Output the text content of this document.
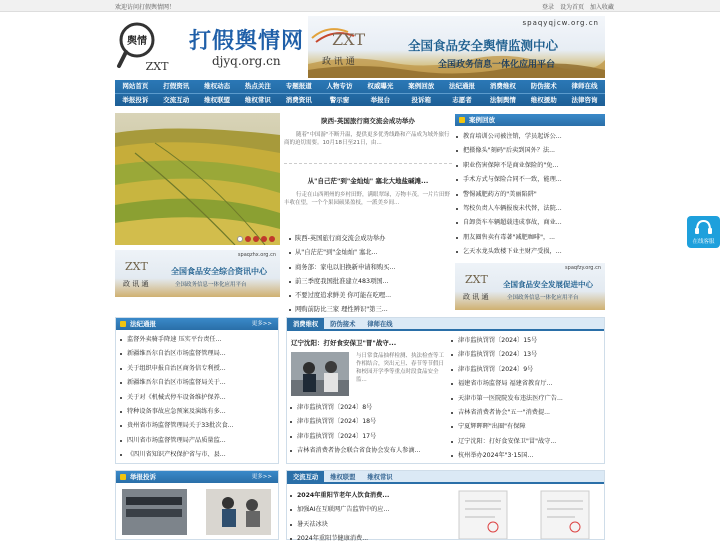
欢迎访问打假舆情网！	登录 设为首页 加入收藏
舆情
ZXT
打假舆情网
djyq.org.cn
spaqyqjcw.org.cn
ZXT
政 讯 通
全国食品安全舆情监测中心
全国政务信息一体化应用平台
网站首页	打假资讯	维权动态	热点关注	专题报道	人物专访	权威曝光	案例回放	法纪通报	消费维权	防伪接术	律师在线
举报投诉	交流互动	维权联盟	维权常识	消费资讯	警示窗	举报台	投诉箱	志愿者	法制舆情	维权援助	法律咨询
陕西-英国旅行商交流会成功举办
随着"中国游"不断升温，提供更多优秀线路和产品成为域外旅行商的迫切需要。10月18日至21日，由...
从"自己茫"到"金灿灿" 塞北大地盐碱滩...
行走在山西朔州的乡村田野，满眼翠绿，万物丰茂。一片片田野丰收在望，一个个果园硕果盈枝，一派美乡间...
陕西-英国旅行商交流会成功举办
从"自茫茫"到"金灿灿" 塞北...
商务部：家电以旧换新申请和购买...
前三季度我国批准建立483项国...
不要过度追求鲜美 你可能在吃哩...
网购前防比三家 理性辨识"第三...
案例回放
教育培训公司被注销，学员起诉公...
把摄像头"刻码"后卖到国外？法...
职业伤害保障不是商业保险的"免...
手术方式与保险合同不一致，能理...
警惕减肥药方的"美丽陷阱"
驾校负责人车辆报废未代替，法院...
自卸货车车辆超载违成事故，商业...
朋友圈售卖有毒著"减肥咖啡"，...
乞天水龙头致楼下业主财产受损，...
spaqzhx.org.cn
ZXT
政 讯 通
全国食品安全综合资讯中心
全国政务信息一体化应用平台
spaqfzy.org.cn
ZXT
政 讯 通
全国食品安全发展促进中心
全国政务信息一体化应用平台
法纪通报	更多>>
监督外卖骑手降速 压实平台责任...
新疆维吾尔自治区市场监督管理局...
关于组织申报自治区商务信专利授...
新疆维吾尔自治区市场监督局关于...
关于对《机械式停车设备维护保养...
特种设备事故应急预案及演练有多...
贵州省市场监督管理局关于33批次食...
四川省市场监督管理局产品质量监...
《四川省知识产权保护省与市、县...
消费维权	防伪接术	律师在线
辽宁沈阳：打好食安保卫"冒"战守...
与日常食品抽样检测、执法检查等工作相结合，突出元旦、春节等节假日和校园开学季等重点时段食品安全监...
津市监执罚罚〔2024〕8号
津市监执罚罚〔2024〕18号
津市监执罚罚〔2024〕17号
吉林省消费者协会联合省食协会发布人参滴...
津市监执罚罚〔2024〕15号
津市监执罚罚〔2024〕13号
津市监执罚罚〔2024〕9号
福建省市场监督局 福建省教育厅...
天津市第一医院院发布违法医疗广告...
吉林省消费者协会"五一"消费提...
宁夏辉晖晖"出圈"有保障
辽宁沈阳：打好食安保卫"冒"战守...
杭州举办2024年"3·15国...
举报投诉	更多>>	交流互动	维权联盟	维权常识
2024年重阳节老年人饮食消费...
加强AI在互联网广告监管中的应...
暑天祛冰块
2024年重阳节健康消费...
在线客服
